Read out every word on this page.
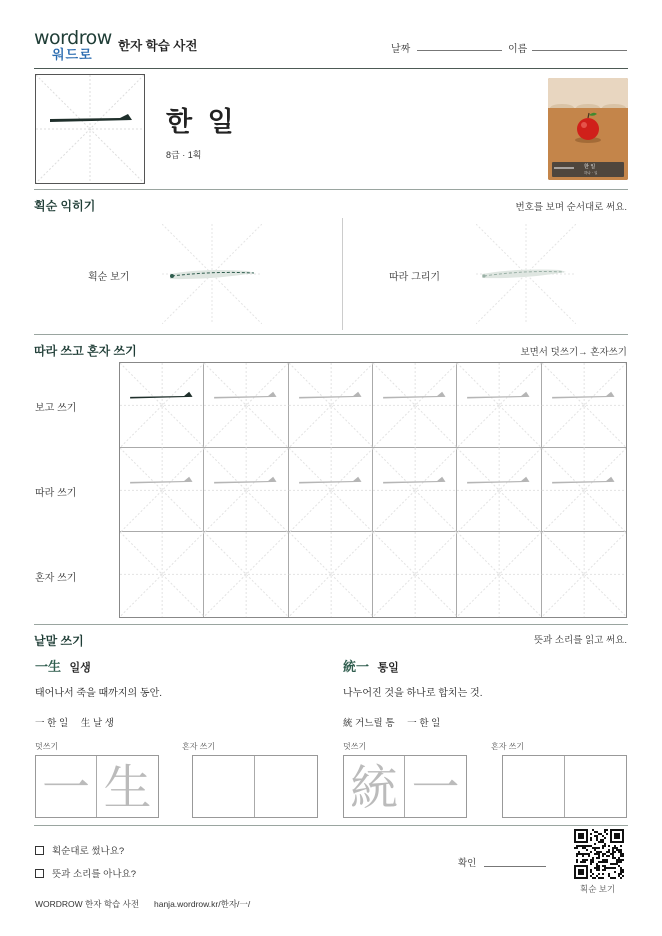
wordrow
워드로
한자 학습 사전	날짜	이름
한 일
8급 · 1획
한 일
하나 · 일
획순 익히기	번호를 보며 순서대로 써요.
획순 보기	따라 그리기
따라 쓰고 혼자 쓰기	보면서 덧쓰기→ 혼자쓰기
보고 쓰기
따라 쓰기
혼자 쓰기
낱말 쓰기	뜻과 소리를 읽고 써요.
一生 일생
태어나서 죽을 때까지의 동안.
一 한 일 生 날 생
덧쓰기	혼자 쓰기
一 生
統一 통일
나누어진 것을 하나로 합치는 것.
統 거느릴 통 一 한 일
덧쓰기	혼자 쓰기
統 一
획순대로 썼나요?
뜻과 소리를 아나요?
확인
획순 보기
WORDROW 한자 학습 사전 hanja.wordrow.kr/한자/一/
